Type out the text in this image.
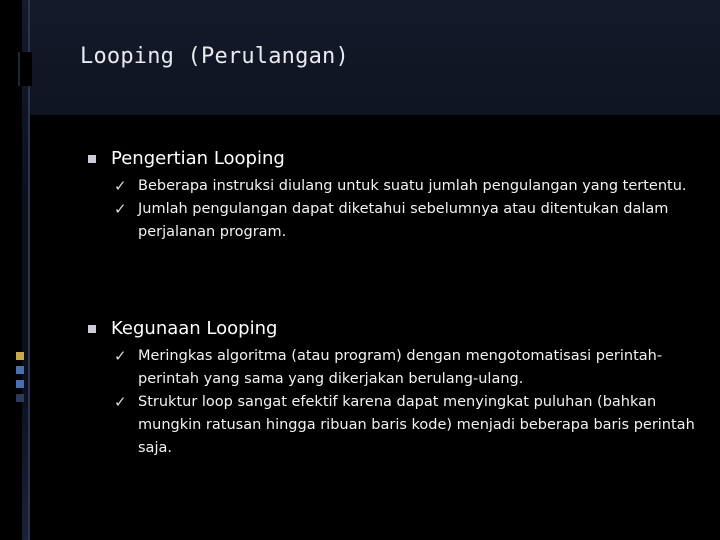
Looping (Perulangan)
Pengertian Looping
✓ Beberapa instruksi diulang untuk suatu jumlah pengulangan yang tertentu.
✓ Jumlah pengulangan dapat diketahui sebelumnya atau ditentukan dalam perjalanan program.
Kegunaan Looping
✓ Meringkas algoritma (atau program) dengan mengotomatisasi perintah-perintah yang sama yang dikerjakan berulang-ulang.
✓ Struktur loop sangat efektif karena dapat menyingkat puluhan (bahkan mungkin ratusan hingga ribuan baris kode) menjadi beberapa baris perintah saja.
